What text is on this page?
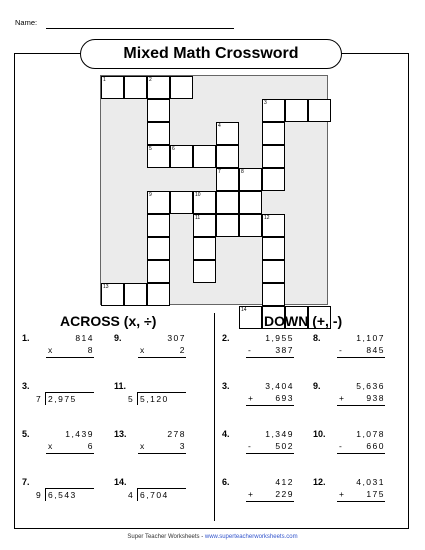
Name:
Mixed Math Crossword
1	2
3
4
5	6
7	8
9	10
11	12
13
14
ACROSS (x, ÷)	DOWN (+, -)
1.	814
x	8
9.	307
x	2
3.
7 2,975
11.
5 5,120
5.	1,439
x	6
13.	278
x	3
7.
9 6,543
14.
4 6,704
2.	1,955
-	387
8.	1,107
-	845
3.	3,404
+	693
9.	5,636
+	938
4.	1,349
-	502
10.	1,078
-	660
6.	412
+	229
12.	4,031
+	175
Super Teacher Worksheets - www.superteacherworksheets.com
